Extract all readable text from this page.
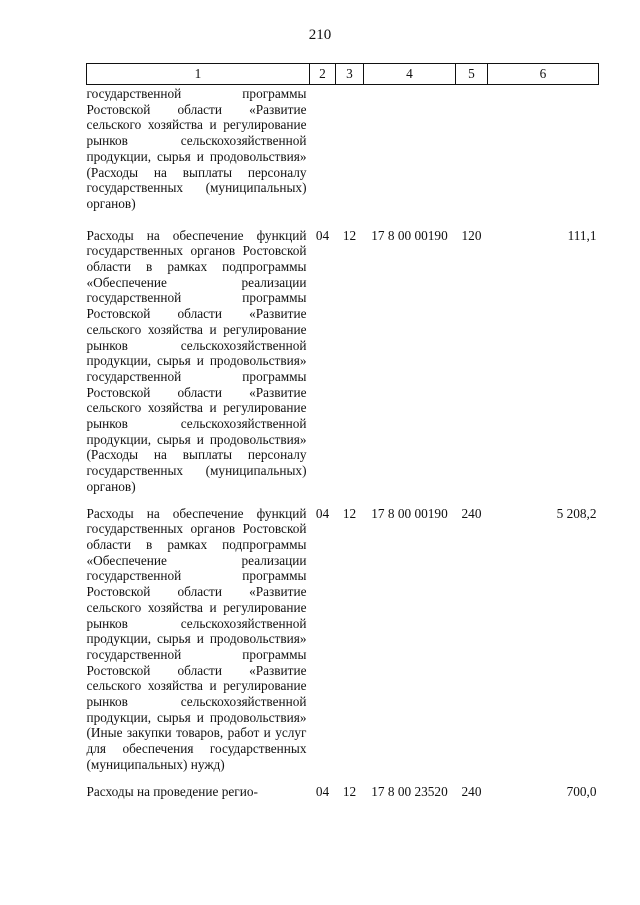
210
1	2	3	4	5	6
государственной программы Ростовской области «Развитие сельского хозяйства и регулирование рынков сельскохозяйственной продукции, сырья и продовольствия» (Расходы на выплаты персоналу государственных (муниципальных) органов)					
Расходы на обеспечение функций государственных органов Ростовской области в рамках подпрограммы «Обеспечение реализации государственной программы Ростовской области «Развитие сельского хозяйства и регулирование рынков сельскохозяйственной продукции, сырья и продовольствия» государственной программы Ростовской области «Развитие сельского хозяйства и регулирование рынков сельскохозяйственной продукции, сырья и продовольствия» (Расходы на выплаты персоналу государственных (муниципальных) органов)	04	12	17 8 00 00190	120	111,1
Расходы на обеспечение функций государственных органов Ростовской области в рамках подпрограммы «Обеспечение реализации государственной программы Ростовской области «Развитие сельского хозяйства и регулирование рынков сельскохозяйственной продукции, сырья и продовольствия» государственной программы Ростовской области «Развитие сельского хозяйства и регулирование рынков сельскохозяйственной продукции, сырья и продовольствия» (Иные закупки товаров, работ и услуг для обеспечения государственных (муниципальных) нужд)	04	12	17 8 00 00190	240	5 208,2
Расходы на проведение регио-	04	12	17 8 00 23520	240	700,0
